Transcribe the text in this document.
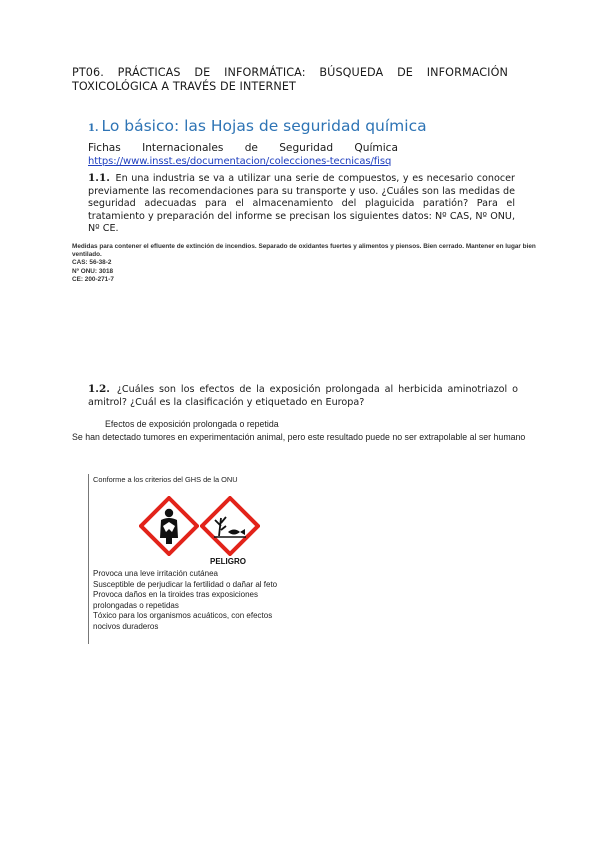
PT06. PRÁCTICAS DE INFORMÁTICA: BÚSQUEDA DE INFORMACIÓN
TOXICOLÓGICA A TRAVÉS DE INTERNET
1. Lo básico: las Hojas de seguridad química
Fichas Internacionales de Seguridad Química
https://www.insst.es/documentacion/colecciones-tecnicas/fisq
1.1. En una industria se va a utilizar una serie de compuestos, y es necesario conocer previamente las recomendaciones para su transporte y uso. ¿Cuáles son las medidas de seguridad adecuadas para el almacenamiento del plaguicida paratión? Para el tratamiento y preparación del informe se precisan los siguientes datos: Nº CAS, Nº ONU, Nº CE.
Medidas para contener el efluente de extinción de incendios. Separado de oxidantes fuertes y alimentos y piensos. Bien cerrado. Mantener en lugar bien ventilado.
CAS: 56-38-2
Nº ONU: 3018
CE: 200-271-7
1.2. ¿Cuáles son los efectos de la exposición prolongada al herbicida aminotriazol o amitrol? ¿Cuál es la clasificación y etiquetado en Europa?
Efectos de exposición prolongada o repetida
Se han detectado tumores en experimentación animal, pero este resultado puede no ser extrapolable al ser humano
Conforme a los criterios del GHS de la ONU
PELIGRO
Provoca una leve irritación cutánea
Susceptible de perjudicar la fertilidad o dañar al feto
Provoca daños en la tiroides tras exposiciones
prolongadas o repetidas
Tóxico para los organismos acuáticos, con efectos
nocivos duraderos
